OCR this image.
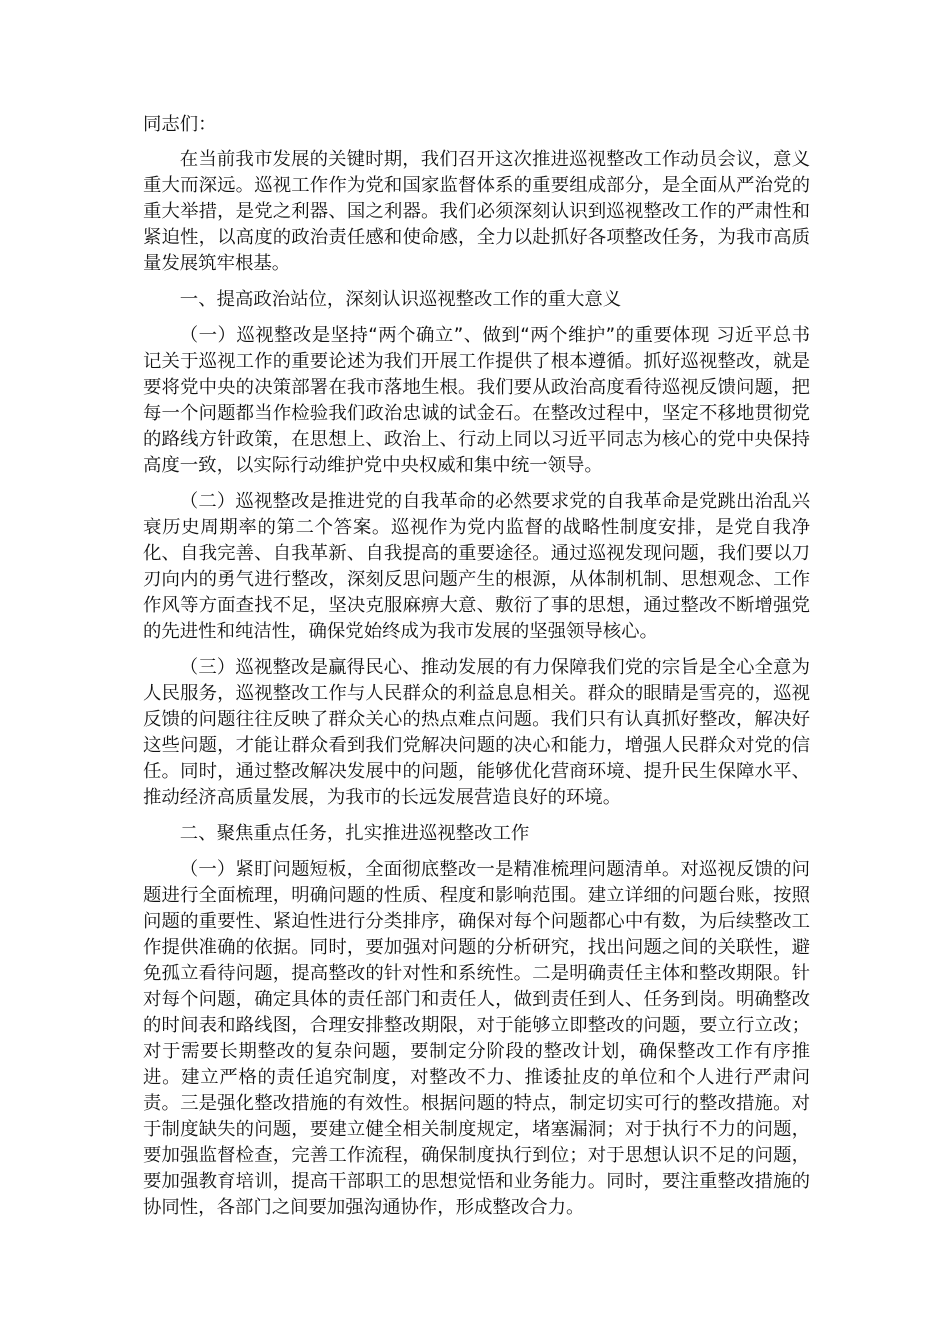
同志们：

在当前我市发展的关键时期，我们召开这次推进巡视整改工作动员会议，意义重大而深远。巡视工作作为党和国家监督体系的重要组成部分，是全面从严治党的重大举措，是党之利器、国之利器。我们必须深刻认识到巡视整改工作的严肃性和紧迫性，以高度的政治责任感和使命感，全力以赴抓好各项整改任务，为我市高质量发展筑牢根基。

一、提高政治站位，深刻认识巡视整改工作的重大意义

（一）巡视整改是坚持“两个确立”、做到“两个维护”的重要体现 习近平总书记关于巡视工作的重要论述为我们开展工作提供了根本遵循。抓好巡视整改，就是要将党中央的决策部署在我市落地生根。我们要从政治高度看待巡视反馈问题，把每一个问题都当作检验我们政治忠诚的试金石。在整改过程中，坚定不移地贯彻党的路线方针政策，在思想上、政治上、行动上同以习近平同志为核心的党中央保持高度一致，以实际行动维护党中央权威和集中统一领导。

（二）巡视整改是推进党的自我革命的必然要求党的自我革命是党跳出治乱兴衰历史周期率的第二个答案。巡视作为党内监督的战略性制度安排，是党自我净化、自我完善、自我革新、自我提高的重要途径。通过巡视发现问题，我们要以刀刃向内的勇气进行整改，深刻反思问题产生的根源，从体制机制、思想观念、工作作风等方面查找不足，坚决克服麻痹大意、敷衍了事的思想，通过整改不断增强党的先进性和纯洁性，确保党始终成为我市发展的坚强领导核心。

（三）巡视整改是赢得民心、推动发展的有力保障我们党的宗旨是全心全意为人民服务，巡视整改工作与人民群众的利益息息相关。群众的眼睛是雪亮的，巡视反馈的问题往往反映了群众关心的热点难点问题。我们只有认真抓好整改，解决好这些问题，才能让群众看到我们党解决问题的决心和能力，增强人民群众对党的信任。同时，通过整改解决发展中的问题，能够优化营商环境、提升民生保障水平、推动经济高质量发展，为我市的长远发展营造良好的环境。

二、聚焦重点任务，扎实推进巡视整改工作

（一）紧盯问题短板，全面彻底整改一是精准梳理问题清单。对巡视反馈的问题进行全面梳理，明确问题的性质、程度和影响范围。建立详细的问题台账，按照问题的重要性、紧迫性进行分类排序，确保对每个问题都心中有数，为后续整改工作提供准确的依据。同时，要加强对问题的分析研究，找出问题之间的关联性，避免孤立看待问题，提高整改的针对性和系统性。二是明确责任主体和整改期限。针对每个问题，确定具体的责任部门和责任人，做到责任到人、任务到岗。明确整改的时间表和路线图，合理安排整改期限，对于能够立即整改的问题，要立行立改；对于需要长期整改的复杂问题，要制定分阶段的整改计划，确保整改工作有序推进。建立严格的责任追究制度，对整改不力、推诿扯皮的单位和个人进行严肃问责。三是强化整改措施的有效性。根据问题的特点，制定切实可行的整改措施。对于制度缺失的问题，要建立健全相关制度规定，堵塞漏洞；对于执行不力的问题，要加强监督检查，完善工作流程，确保制度执行到位；对于思想认识不足的问题，要加强教育培训，提高干部职工的思想觉悟和业务能力。同时，要注重整改措施的协同性，各部门之间要加强沟通协作，形成整改合力。
